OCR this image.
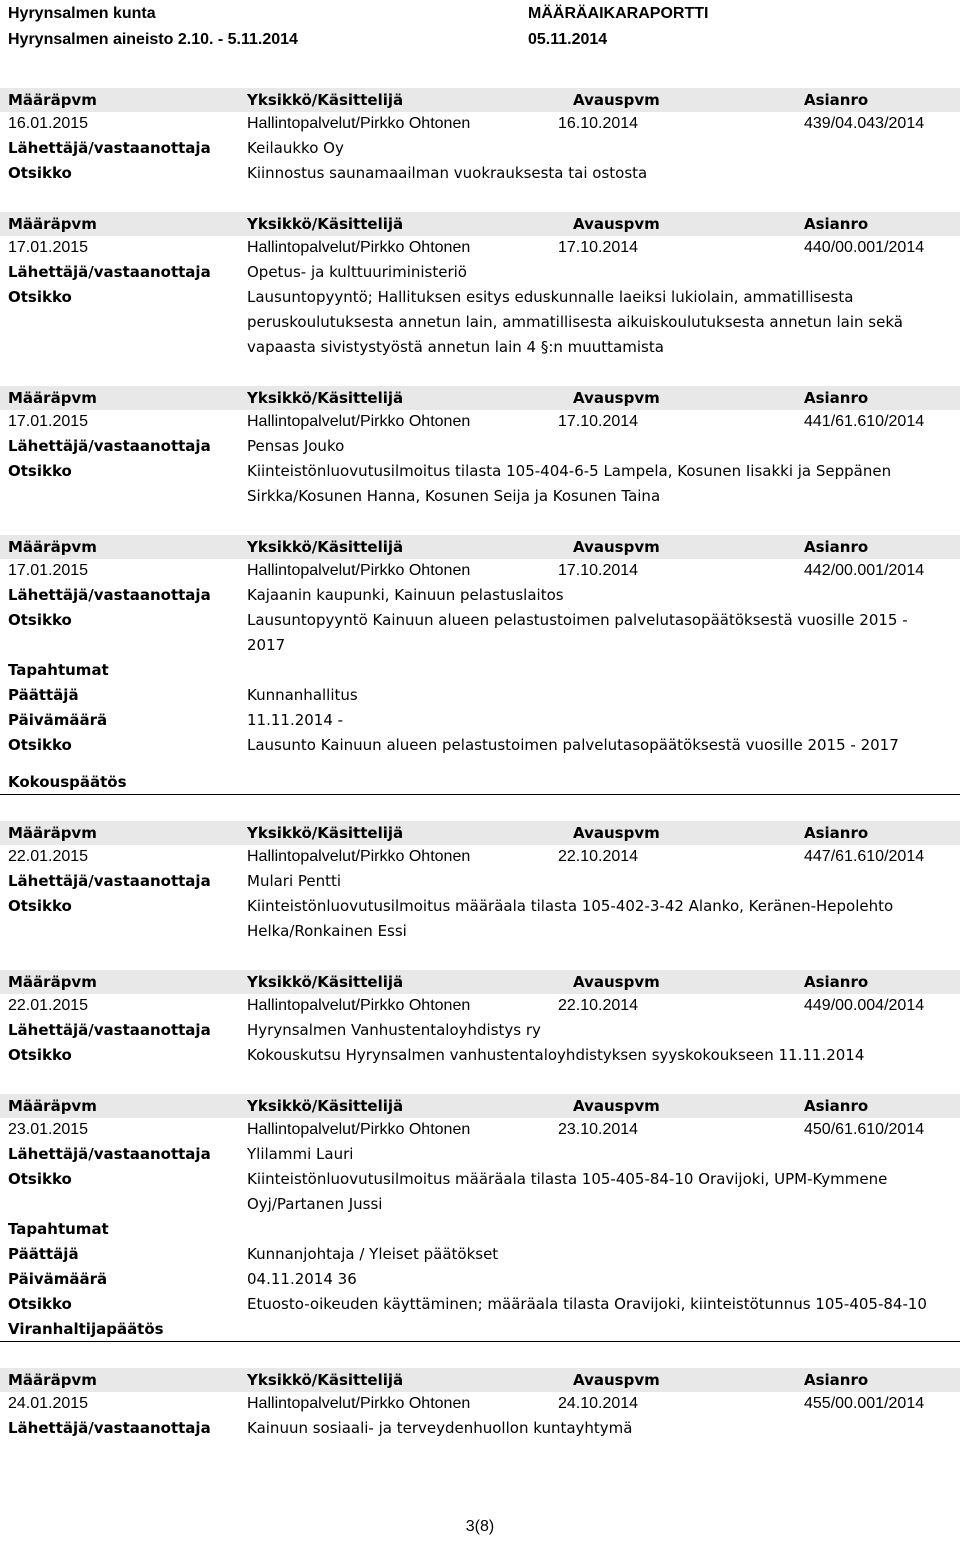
Hyrynsalmen kunta
Hyrynsalmen aineisto 2.10. - 5.11.2014
MÄÄRÄAIKARAPORTTI
05.11.2014
Määräpvm	Yksikkö/Käsittelijä	Avauspvm	Asianro
16.01.2015	Hallintopalvelut/Pirkko Ohtonen	16.10.2014	439/04.043/2014
Lähettäjä/vastaanottaja	Keilaukko Oy
Otsikko	Kiinnostus saunamaailman vuokrauksesta tai ostosta
Määräpvm	Yksikkö/Käsittelijä	Avauspvm	Asianro
17.01.2015	Hallintopalvelut/Pirkko Ohtonen	17.10.2014	440/00.001/2014
Lähettäjä/vastaanottaja	Opetus- ja kulttuuriministeriö
Otsikko	Lausuntopyyntö; Hallituksen esitys eduskunnalle laeiksi lukiolain, ammatillisesta peruskoulutuksesta annetun lain, ammatillisesta aikuiskoulutuksesta annetun lain sekä vapaasta sivistystyöstä annetun lain 4 §:n muuttamista
Määräpvm	Yksikkö/Käsittelijä	Avauspvm	Asianro
17.01.2015	Hallintopalvelut/Pirkko Ohtonen	17.10.2014	441/61.610/2014
Lähettäjä/vastaanottaja	Pensas Jouko
Otsikko	Kiinteistönluovutusilmoitus tilasta 105-404-6-5 Lampela, Kosunen Iisakki ja Seppänen Sirkka/Kosunen Hanna, Kosunen Seija ja Kosunen Taina
Määräpvm	Yksikkö/Käsittelijä	Avauspvm	Asianro
17.01.2015	Hallintopalvelut/Pirkko Ohtonen	17.10.2014	442/00.001/2014
Lähettäjä/vastaanottaja	Kajaanin kaupunki, Kainuun pelastuslaitos
Otsikko	Lausuntopyyntö Kainuun alueen pelastustoimen palvelutasopäätöksestä vuosille 2015 - 2017
Tapahtumat
Päättäjä	Kunnanhallitus
Päivämäärä	11.11.2014 -
Otsikko	Lausunto Kainuun alueen pelastustoimen palvelutasopäätöksestä vuosille 2015 - 2017
Kokouspäätös
Määräpvm	Yksikkö/Käsittelijä	Avauspvm	Asianro
22.01.2015	Hallintopalvelut/Pirkko Ohtonen	22.10.2014	447/61.610/2014
Lähettäjä/vastaanottaja	Mulari Pentti
Otsikko	Kiinteistönluovutusilmoitus määräala tilasta 105-402-3-42 Alanko, Keränen-Hepolehto Helka/Ronkainen Essi
Määräpvm	Yksikkö/Käsittelijä	Avauspvm	Asianro
22.01.2015	Hallintopalvelut/Pirkko Ohtonen	22.10.2014	449/00.004/2014
Lähettäjä/vastaanottaja	Hyrynsalmen Vanhustentaloyhdistys ry
Otsikko	Kokouskutsu Hyrynsalmen vanhustentaloyhdistyksen syyskokoukseen 11.11.2014
Määräpvm	Yksikkö/Käsittelijä	Avauspvm	Asianro
23.01.2015	Hallintopalvelut/Pirkko Ohtonen	23.10.2014	450/61.610/2014
Lähettäjä/vastaanottaja	Ylilammi Lauri
Otsikko	Kiinteistönluovutusilmoitus määräala tilasta 105-405-84-10 Oravijoki, UPM-Kymmene Oyj/Partanen Jussi
Tapahtumat
Päättäjä	Kunnanjohtaja / Yleiset päätökset
Päivämäärä	04.11.2014 36
Otsikko	Etuosto-oikeuden käyttäminen; määräala tilasta Oravijoki, kiinteistötunnus 105-405-84-10
Viranhaltijapäätös
Määräpvm	Yksikkö/Käsittelijä	Avauspvm	Asianro
24.01.2015	Hallintopalvelut/Pirkko Ohtonen	24.10.2014	455/00.001/2014
Lähettäjä/vastaanottaja	Kainuun sosiaali- ja terveydenhuollon kuntayhtymä
3(8)
